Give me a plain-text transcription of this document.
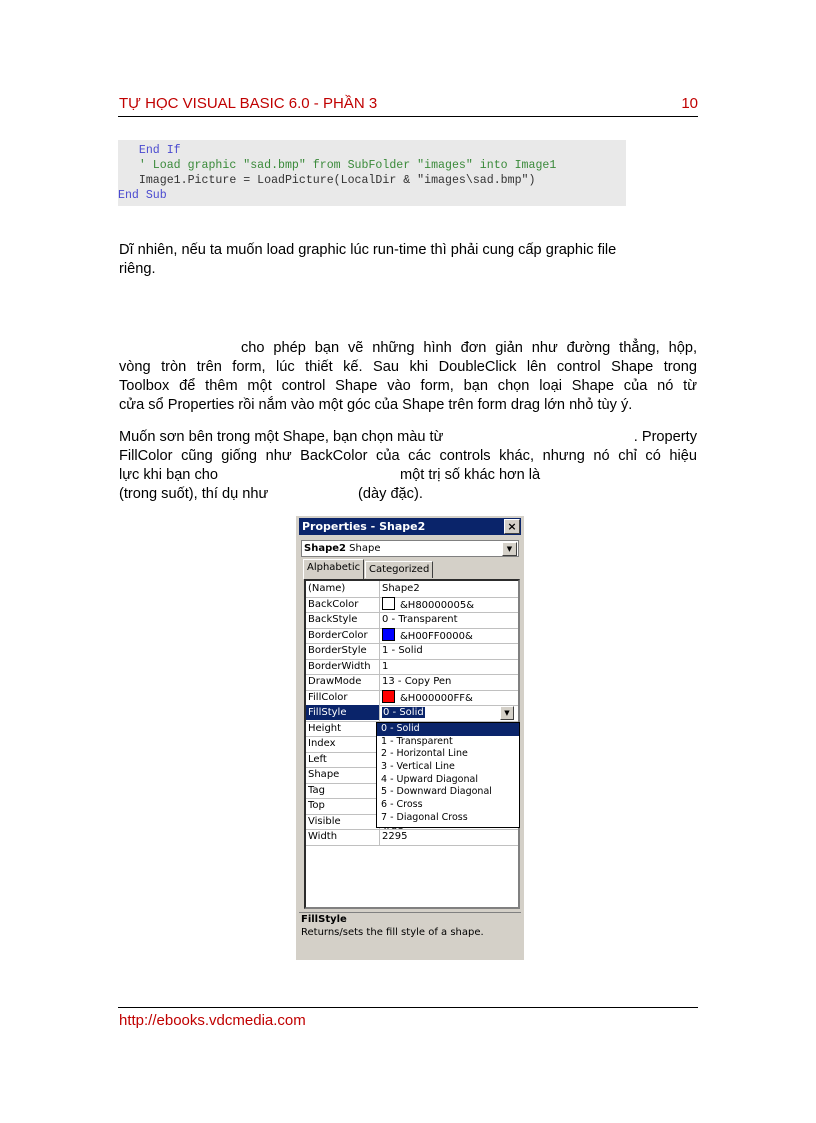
TỰ HỌC VISUAL BASIC 6.0 - PHẦN 3	10
End If
' Load graphic "sad.bmp" from SubFolder "images" into Image1
Image1.Picture = LoadPicture(LocalDir & "images\sad.bmp")
End Sub
Dĩ nhiên, nếu ta muốn load graphic lúc run-time thì phải cung cấp graphic file
riêng.
cho phép bạn vẽ những hình đơn giản như đường thẳng, hộp,
vòng tròn trên form, lúc thiết kế. Sau khi DoubleClick lên control Shape trong
Toolbox để thêm một control Shape vào form, bạn chọn loại Shape của nó từ
cửa sổ Properties rồi nắm vào một góc của Shape trên form drag lớn nhỏ tùy ý.
Muốn sơn bên trong một Shape, bạn chọn màu từ	. Property
FillColor cũng giống như BackColor của các controls khác, nhưng nó chỉ có hiệu
lực khi bạn cho	một trị số khác hơn là
(trong suốt), thí dụ như	(dày đặc).
Properties - Shape2	×
Shape2 Shape	▼
Alphabetic Categorized
(Name)	Shape2
BackColor	&H80000005&
BackStyle	0 - Transparent
BorderColor	&H00FF0000&
BorderStyle	1 - Solid
BorderWidth	1
DrawMode	13 - Copy Pen
FillColor	&H000000FF&
FillStyle	0 - Solid	▼
Height
Index
Left
Shape
Tag
Top
Visible
Width	2295
FillStyle
Returns/sets the fill style of a shape.
0 - Solid
1 - Transparent
2 - Horizontal Line
3 - Vertical Line
4 - Upward Diagonal
5 - Downward Diagonal
6 - Cross
7 - Diagonal Cross
http://ebooks.vdcmedia.com
